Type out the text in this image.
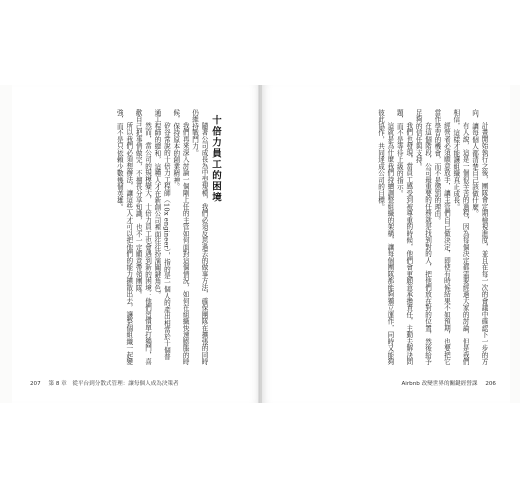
十倍力員工的困境

隨著公司成長為中型規模，我們必須反思過去的做事方法，確保團隊在擴張的同時仍維持戰鬥力。

我們再來深入討論一個剛上任的主管如何面對這個情況，如何在組織快速膨脹的時候，保持原本的創業精神。

矽谷常說的十倍力工程師（10x engineer），指的是一個人的產出相當於十個普通工程師的總和，這種人才在新創公司裡面往往扮演關鍵角色。

然而，當公司的規模變大，十倍力員工也會遇到新的困境：他們習慣單打獨鬥，喜歡自己把事情做完，不擅長分享知識，也不一定願意帶領團隊。

所以我們必須想辦法，讓這些人才可以把他們的能力擴散出去，讓整個組織一起變強，而不是只依賴少數幾個英雄。

207 第 8 章　從平台到分散式管理：讓每個人成為決策者

計畫開始執行之後，團隊會定期檢視進度，並且在每一次的會議中確認下一步的方向，讓每個人都清楚自己該做什麼。

有人說，這是一個很辛苦的過程，因為每個決定都需要經過大家的討論，但是我們相信，這樣才能讓組織真正成長。

經營者必須願意放手，讓主管們自己做決定，即使有時候結果不如預期，也要把它當作學習的機會，而不是懲罰的理由。

在這個階段，公司最重要的任務就是找到對的人，把他們放在對的位置，然後給予足夠的信任與支持。

我們也發現，當員工感受到被尊重的時候，他們會更願意承擔責任，主動去解決問題，而不是等待上級的指示。

這就是為什麼我們持續調整組織的架構，讓每個團隊都能夠獨立運作，同時又能夠彼此協作，共同達成公司的目標。

Airbnb 改變世界的關鍵經營課 206
